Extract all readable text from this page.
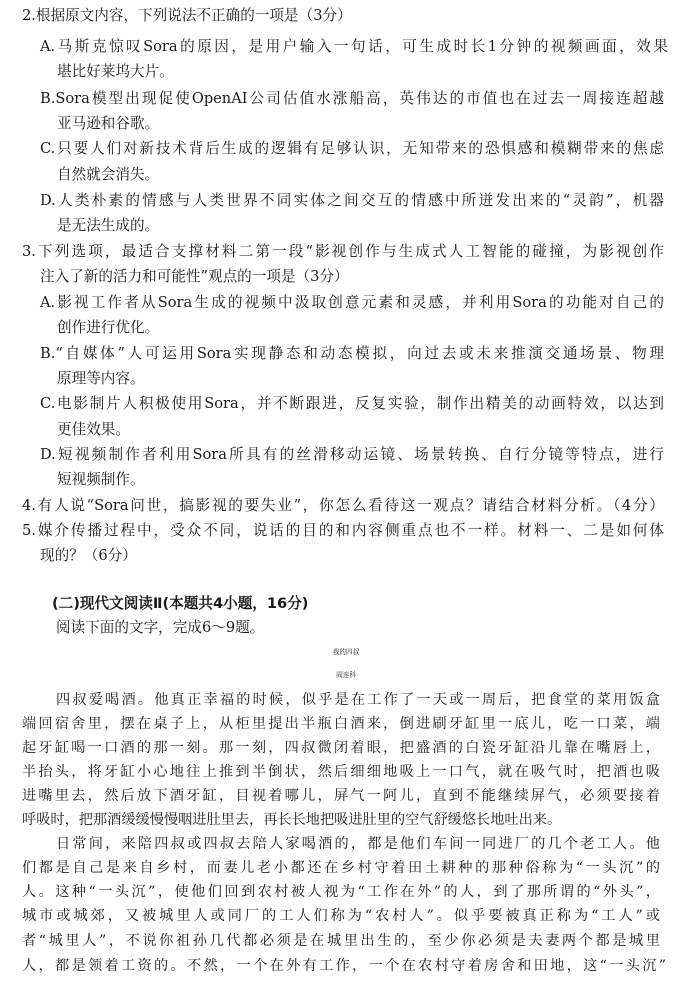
2.根据原文内容，下列说法不正确的一项是（3分）
A.马斯克惊叹Sora的原因，是用户输入一句话，可生成时长1分钟的视频画面，效果
堪比好莱坞大片。
B.Sora模型出现促使OpenAI公司估值水涨船高，英伟达的市值也在过去一周接连超越
亚马逊和谷歌。
C.只要人们对新技术背后生成的逻辑有足够认识，无知带来的恐惧感和模糊带来的焦虑
自然就会消失。
D.人类朴素的情感与人类世界不同实体之间交互的情感中所迸发出来的“灵韵”，机器
是无法生成的。
3.下列选项，最适合支撑材料二第一段“影视创作与生成式人工智能的碰撞，为影视创作
注入了新的活力和可能性”观点的一项是（3分）
A.影视工作者从Sora生成的视频中汲取创意元素和灵感，并利用Sora的功能对自己的
创作进行优化。
B.“自媒体”人可运用Sora实现静态和动态模拟，向过去或未来推演交通场景、物理
原理等内容。
C.电影制片人积极使用Sora，并不断跟进，反复实验，制作出精美的动画特效，以达到
更佳效果。
D.短视频制作者利用Sora所具有的丝滑移动运镜、场景转换、自行分镜等特点，进行
短视频制作。
4.有人说“Sora问世，搞影视的要失业”，你怎么看待这一观点？请结合材料分析。（4分）
5.媒介传播过程中，受众不同，说话的目的和内容侧重点也不一样。材料一、二是如何体
现的？（6分）
(二)现代文阅读Ⅱ(本题共4小题，16分)
阅读下面的文字，完成6～9题。
我的四叔
阎连科
四叔爱喝酒。他真正幸福的时候，似乎是在工作了一天或一周后，把食堂的菜用饭盒
端回宿舍里，摆在桌子上，从柜里提出半瓶白酒来，倒进刷牙缸里一底儿，吃一口菜，端
起牙缸喝一口酒的那一刻。那一刻，四叔微闭着眼，把盛酒的白瓷牙缸沿儿靠在嘴唇上，
半抬头，将牙缸小心地往上推到半倒状，然后细细地吸上一口气，就在吸气时，把酒也吸
进嘴里去，然后放下酒牙缸，目视着哪儿，屏气一阿儿，直到不能继续屏气，必须要接着
呼吸时，把那酒缓缓慢慢咽进肚里去，再长长地把吸进肚里的空气舒缓悠长地吐出来。
日常间，来陪四叔或四叔去陪人家喝酒的，都是他们车间一同进厂的几个老工人。他
们都是自己是来自乡村，而妻儿老小都还在乡村守着田土耕种的那种俗称为“一头沉”的
人。这种“一头沉”，使他们回到农村被人视为“工作在外”的人，到了那所谓的“外头”，
城市或城郊，又被城里人或同厂的工人们称为“农村人”。似乎要被真正称为“工人”或
者“城里人”，不说你祖孙几代都必须是在城里出生的，至少你必须是夫妻两个都是城里
人，都是领着工资的。不然，一个在外有工作，一个在农村守着房舍和田地，这“一头沉”
